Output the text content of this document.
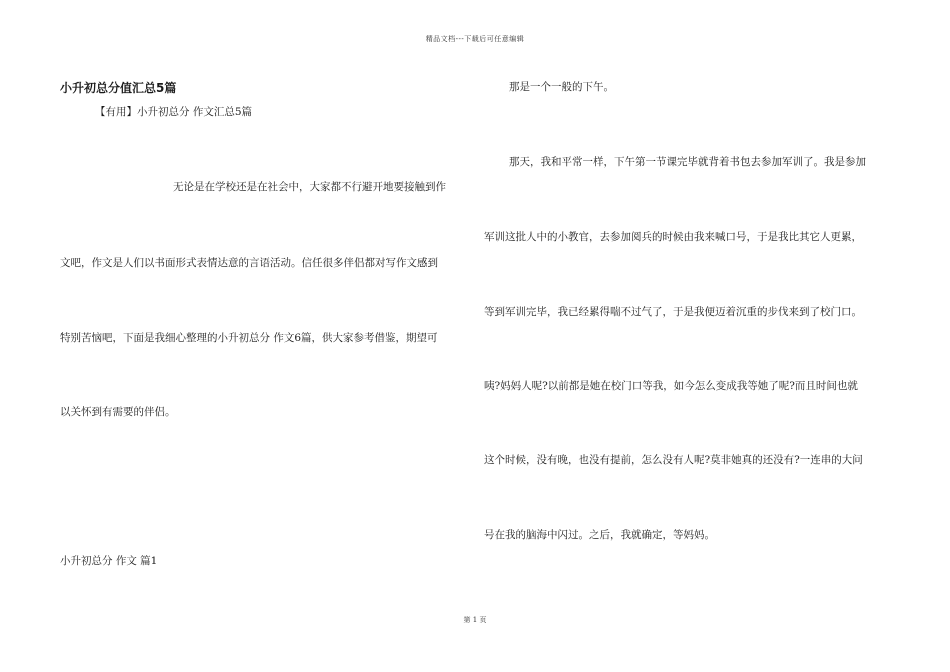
精品文档---下载后可任意编辑
小升初总分值汇总5篇
【有用】小升初总分 作文汇总5篇
无论是在学校还是在社会中，大家都不行避开地要接触到作
文吧，作文是人们以书面形式表情达意的言语活动。信任很多伴侣都对写作文感到
特别苦恼吧，下面是我细心整理的小升初总分 作文6篇，供大家参考借鉴，期望可
以关怀到有需要的伴侣。
小升初总分 作文 篇1
那是一个一般的下午。
那天，我和平常一样，下午第一节课完毕就背着书包去参加军训了。我是参加
军训这批人中的小教官，去参加阅兵的时候由我来喊口号，于是我比其它人更累，
等到军训完毕，我已经累得喘不过气了，于是我便迈着沉重的步伐来到了校门口。
咦?妈妈人呢?以前都是她在校门口等我，如今怎么变成我等她了呢?而且时间也就
这个时候，没有晚，也没有提前，怎么没有人呢?莫非她真的还没有?一连串的大问
号在我的脑海中闪过。之后，我就确定，等妈妈。
第 1 页
